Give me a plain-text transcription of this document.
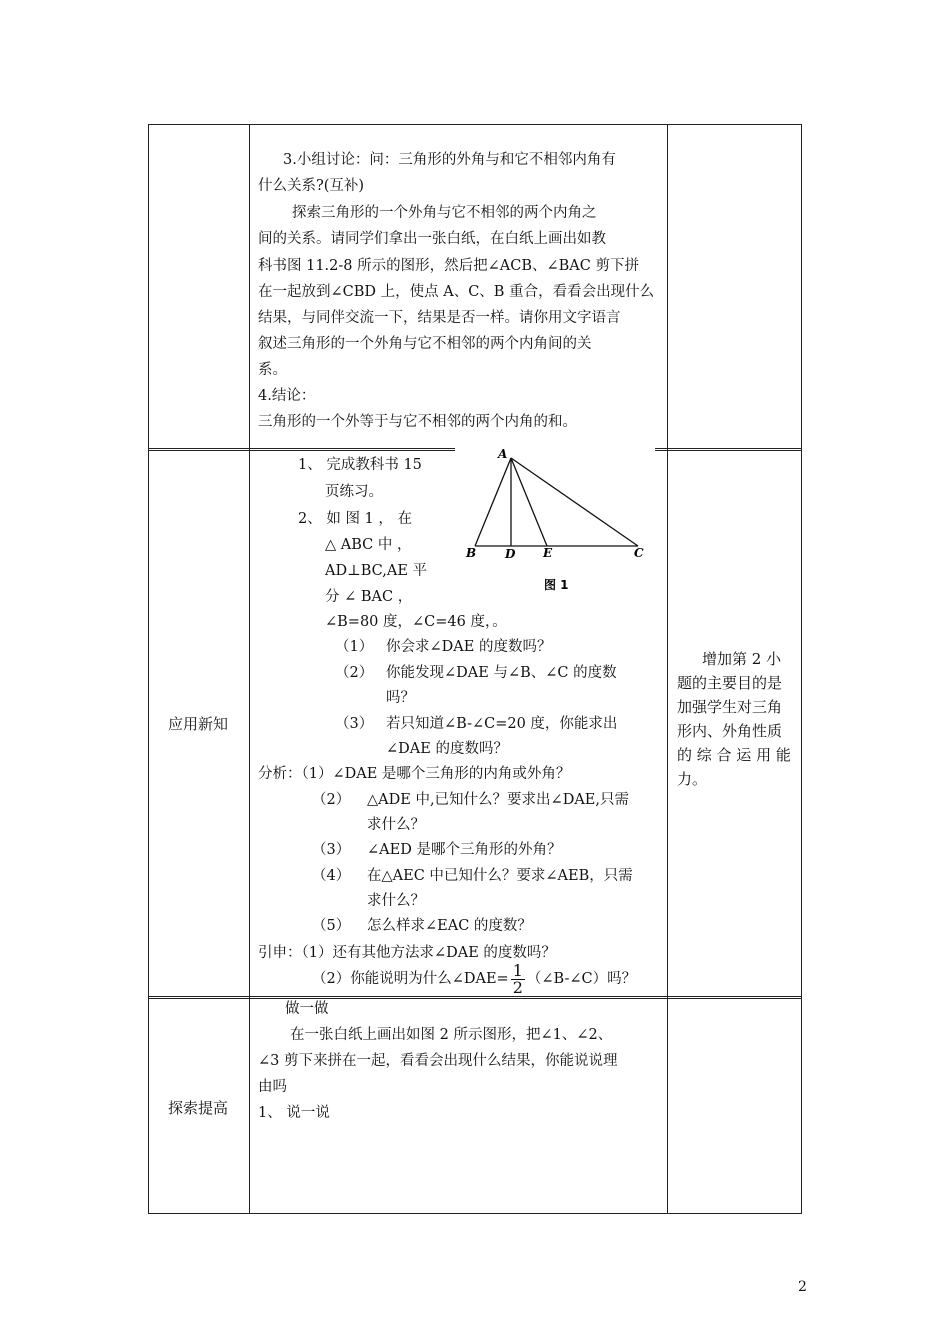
3.小组讨论：问：三角形的外角与和它不相邻内角有
什么关系?(互补)
探索三角形的一个外角与它不相邻的两个内角之
间的关系。请同学们拿出一张白纸，在白纸上画出如教
科书图 11.2-8 所示的图形，然后把∠ACB、∠BAC 剪下拼
在一起放到∠CBD 上，使点 A、C、B 重合，看看会出现什么
结果，与同伴交流一下，结果是否一样。请你用文字语言
叙述三角形的一个外角与它不相邻的两个内角间的关
系。
4.结论：
三角形的一个外等于与它不相邻的两个内角的和。
应用新知
1、 完成教科书 15
页练习。
2、 如 图 1 ， 在
△ ABC 中 ，
AD⊥BC,AE 平
分 ∠ BAC ，
∠B=80 度，∠C=46 度，。
（1） 你会求∠DAE 的度数吗？
（2） 你能发现∠DAE 与∠B、∠C 的度数
吗？
（3） 若只知道∠B-∠C=20 度，你能求出
∠DAE 的度数吗？
分析：（1）∠DAE 是哪个三角形的内角或外角？
（2） △ADE 中,已知什么？要求出∠DAE,只需
求什么？
（3） ∠AED 是哪个三角形的外角？
（4） 在△AEC 中已知什么？要求∠AEB，只需
求什么？
（5） 怎么样求∠EAC 的度数？
引申：（1）还有其他方法求∠DAE 的度数吗？
（2）你能说明为什么∠DAE= $\frac{1}{2}$ （∠B-∠C）吗？
A
B D E	C
图 1
增加第 2 小
题的主要目的是
加强学生对三角
形内、外角性质
的 综 合 运 用 能
力。
探索提高
做一做
在一张白纸上画出如图 2 所示图形，把∠1、∠2、
∠3 剪下来拼在一起，看看会出现什么结果，你能说说理
由吗
1、 说一说
2
